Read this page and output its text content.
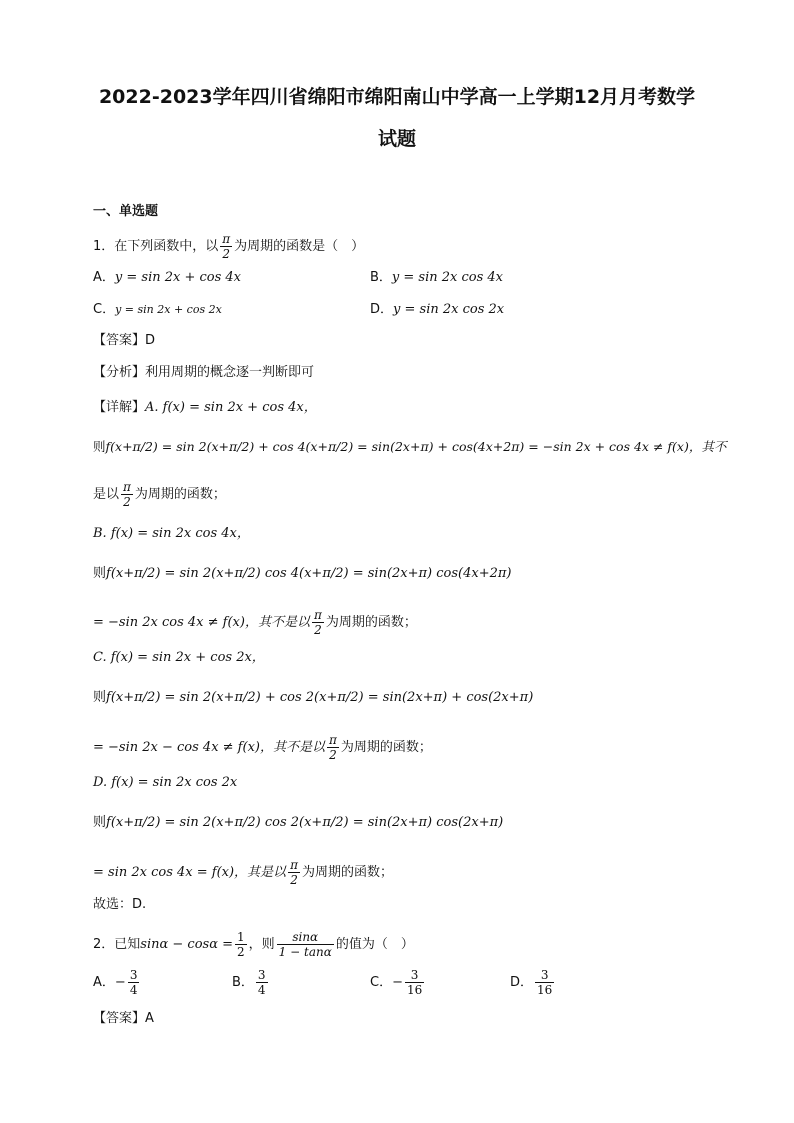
2022-2023学年四川省绵阳市绵阳南山中学高一上学期12月月考数学
试题
一、单选题
1．在下列函数中，以 $\frac{\pi}{2}$ 为周期的函数是（　）
A．y = sin 2x + cos 4x	B．y = sin 2x cos 4x
C．y = sin 2x + cos 2x	D．y = sin 2x cos 2x
【答案】D
【分析】利用周期的概念逐一判断即可
【详解】A. f(x) = sin 2x + cos 4x，
则f(x+π/2) = sin 2(x+π/2) + cos 4(x+π/2) = sin(2x+π) + cos(4x+2π) = −sin 2x + cos 4x ≠ f(x)，其不
是以 $\frac{\pi}{2}$ 为周期的函数；
B. f(x) = sin 2x cos 4x，
则f(x+π/2) = sin 2(x+π/2) cos 4(x+π/2) = sin(2x+π) cos(4x+2π)
= −sin 2x cos 4x ≠ f(x)，其不是以 $\frac{\pi}{2}$ 为周期的函数；
C. f(x) = sin 2x + cos 2x，
则f(x+π/2) = sin 2(x+π/2) + cos 2(x+π/2) = sin(2x+π) + cos(2x+π)
= −sin 2x − cos 4x ≠ f(x)，其不是以 $\frac{\pi}{2}$ 为周期的函数；
D. f(x) = sin 2x cos 2x
则f(x+π/2) = sin 2(x+π/2) cos 2(x+π/2) = sin(2x+π) cos(2x+π)
= sin 2x cos 4x = f(x)，其是以 $\frac{\pi}{2}$ 为周期的函数；
故选：D.
2．已知$\sin\alpha - \cos\alpha = \frac{1}{2}$ ，则 $\frac{\sin\alpha}{1 - \tan\alpha}$ 的值为（　）
A．− $\frac{3}{4}$	B． $\frac{3}{4}$	C．− $\frac{3}{16}$	D． $\frac{3}{16}$
【答案】A
